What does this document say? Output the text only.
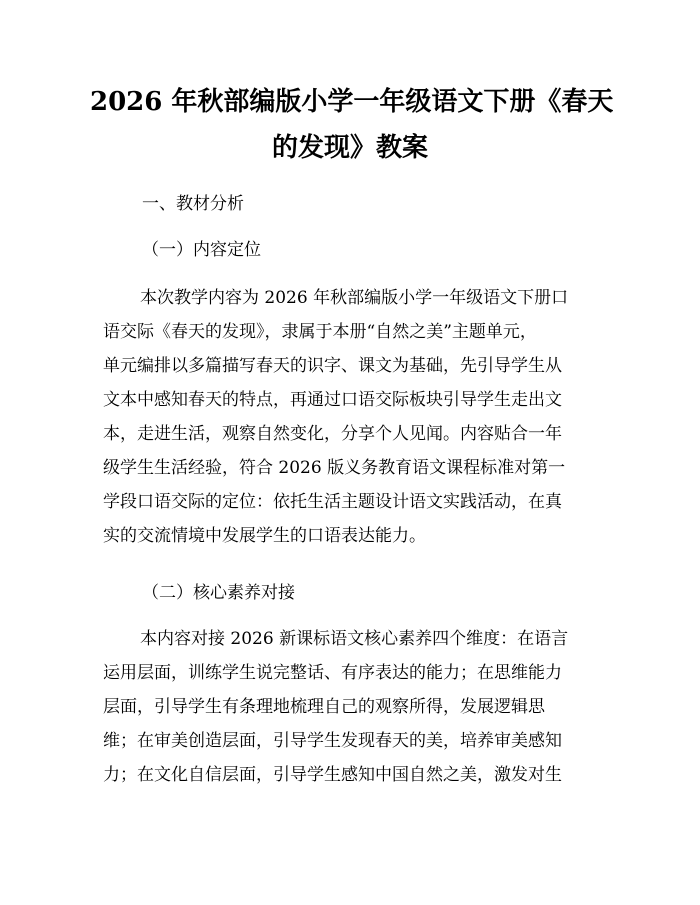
2026 年秋部编版小学一年级语文下册《春天
的发现》教案
一、教材分析
（一）内容定位
本次教学内容为 2026 年秋部编版小学一年级语文下册口
语交际《春天的发现》，隶属于本册“自然之美”主题单元，
单元编排以多篇描写春天的识字、课文为基础，先引导学生从
文本中感知春天的特点，再通过口语交际板块引导学生走出文
本，走进生活，观察自然变化，分享个人见闻。内容贴合一年
级学生生活经验，符合 2026 版义务教育语文课程标准对第一
学段口语交际的定位：依托生活主题设计语文实践活动，在真
实的交流情境中发展学生的口语表达能力。
（二）核心素养对接
本内容对接 2026 新课标语文核心素养四个维度：在语言
运用层面，训练学生说完整话、有序表达的能力；在思维能力
层面，引导学生有条理地梳理自己的观察所得，发展逻辑思
维；在审美创造层面，引导学生发现春天的美，培养审美感知
力；在文化自信层面，引导学生感知中国自然之美，激发对生
